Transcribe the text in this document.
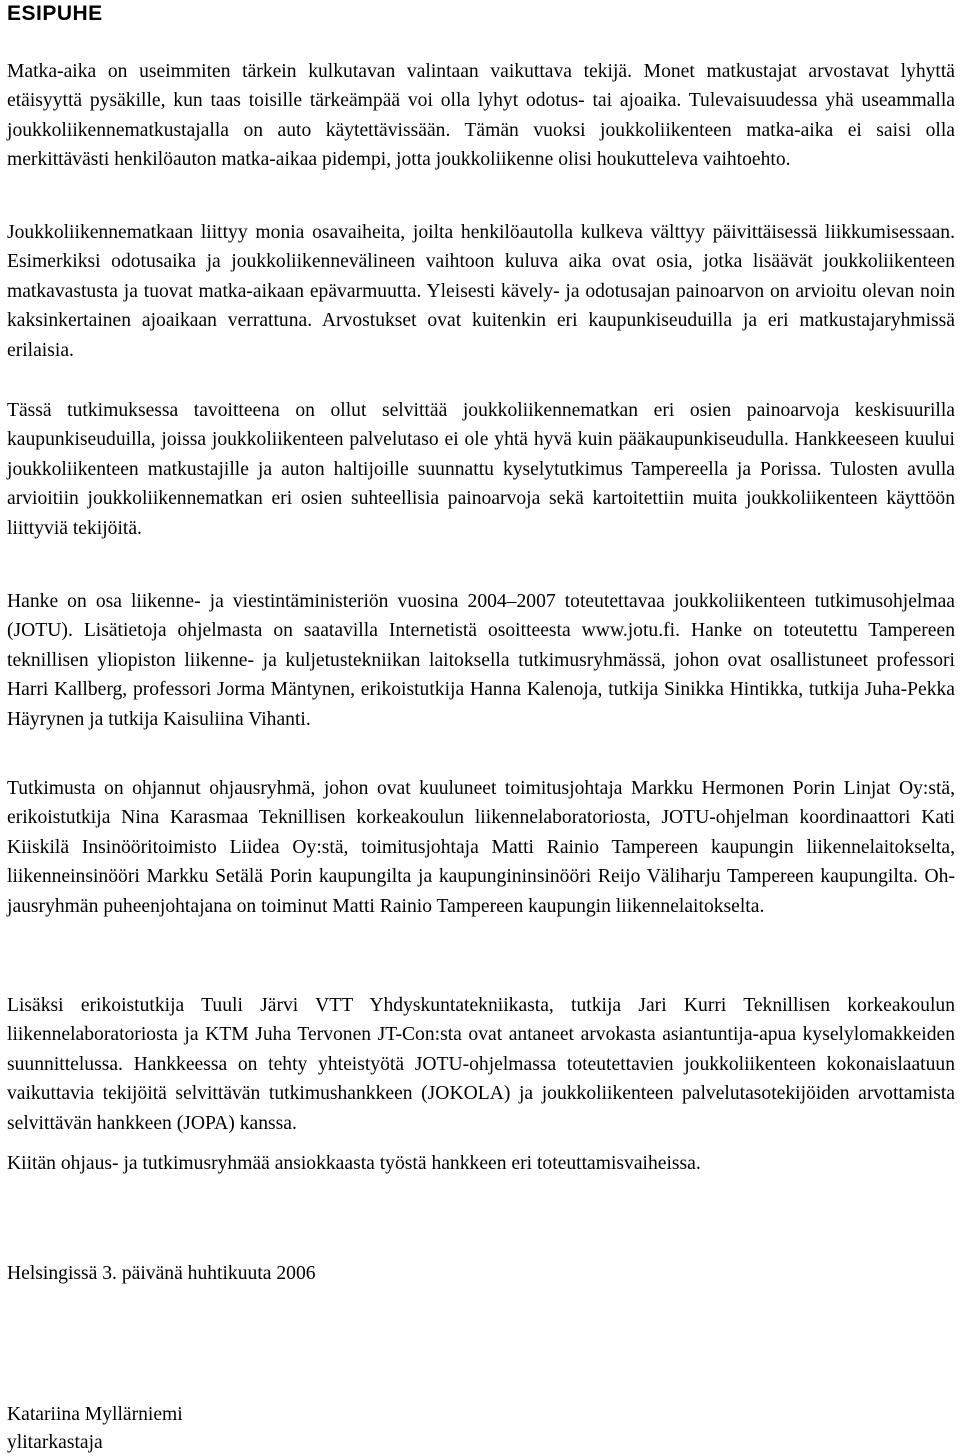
ESIPUHE

Matka-aika on useimmiten tärkein kulkutavan valintaan vaikuttava tekijä. Monet matkustajat arvostavat lyhyttä etäisyyttä pysäkille, kun taas toisille tärkeämpää voi olla lyhyt odotus- tai ajoaika. Tulevaisuudessa yhä useammalla joukkoliikennematkustajalla on auto käytettävissään. Tämän vuoksi joukkoliikenteen matka-aika ei saisi olla merkittävästi henkilöauton matka-aikaa pidempi, jotta joukkoliikenne olisi houkutteleva vaihtoehto.

Joukkoliikennematkaan liittyy monia osavaiheita, joilta henkilöautolla kulkeva välttyy päivittäisessä liikkumisessaan. Esimerkiksi odotusaika ja joukkoliikennevälineen vaihtoon kuluva aika ovat osia, jotka lisäävät joukkoliikenteen matkavastusta ja tuovat matka-aikaan epävarmuutta. Yleisesti kävely- ja odotusajan painoarvon on arvioitu olevan noin kaksinkertainen ajoaikaan verrattuna. Arvostukset ovat kuitenkin eri kaupunkiseuduilla ja eri matkustajaryhmissä erilaisia.

Tässä tutkimuksessa tavoitteena on ollut selvittää joukkoliikennematkan eri osien painoarvoja keskisuurilla kaupunkiseuduilla, joissa joukkoliikenteen palvelutaso ei ole yhtä hyvä kuin pääkaupunkiseudulla. Hankkeeseen kuului joukkoliikenteen matkustajille ja auton haltijoille suunnattu kyselytutkimus Tampereella ja Porissa. Tulosten avulla arvioitiin joukkoliikennematkan eri osien suhteellisia painoarvoja sekä kartoitettiin muita joukkoliikenteen käyttöön liittyviä tekijöitä.

Hanke on osa liikenne- ja viestintäministeriön vuosina 2004–2007 toteutettavaa joukkoliikenteen tutkimusohjelmaa (JOTU). Lisätietoja ohjelmasta on saatavilla Internetistä osoitteesta www.jotu.fi. Hanke on toteutettu Tampereen teknillisen yliopiston liikenne- ja kuljetustekniikan laitoksella tutkimusryhmässä, johon ovat osallistuneet professori Harri Kallberg, professori Jorma Mäntynen, erikoistutkija Hanna Kalenoja, tutkija Sinikka Hintikka, tutkija Juha-Pekka Häyrynen ja tutkija Kaisuliina Vihanti.

Tutkimusta on ohjannut ohjausryhmä, johon ovat kuuluneet toimitusjohtaja Markku Hermonen Porin Linjat Oy:stä, erikoistutkija Nina Karasmaa Teknillisen korkeakoulun liikennelaboratoriosta, JOTU-ohjelman koordinaattori Kati Kiiskilä Insinööritoimisto Liidea Oy:stä, toimitusjohtaja Matti Rainio Tampereen kaupungin liikennelaitokselta, liikenneinsinööri Markku Setälä Porin kaupungilta ja kaupungininsinööri Reijo Väliharju Tampereen kaupungilta. Ohjausryhmän puheenjohtajana on toiminut Matti Rainio Tampereen kaupungin liikennelaitokselta.

Lisäksi erikoistutkija Tuuli Järvi VTT Yhdyskuntatekniikasta, tutkija Jari Kurri Teknillisen korkeakoulun liikennelaboratoriosta ja KTM Juha Tervonen JT-Con:sta ovat antaneet arvokasta asiantuntija-apua kyselylomakkeiden suunnittelussa. Hankkeessa on tehty yhteistyötä JOTU-ohjelmassa toteutettavien joukkoliikenteen kokonaislaatuun vaikuttavia tekijöitä selvittävän tutkimushankkeen (JOKOLA) ja joukkoliikenteen palvelutasotekijöiden arvottamista selvittävän hankkeen (JOPA) kanssa.

Kiitän ohjaus- ja tutkimusryhmää ansiokkaasta työstä hankkeen eri toteuttamisvaiheissa.

Helsingissä 3. päivänä huhtikuuta 2006

Katariina Myllärniemi

ylitarkastaja
